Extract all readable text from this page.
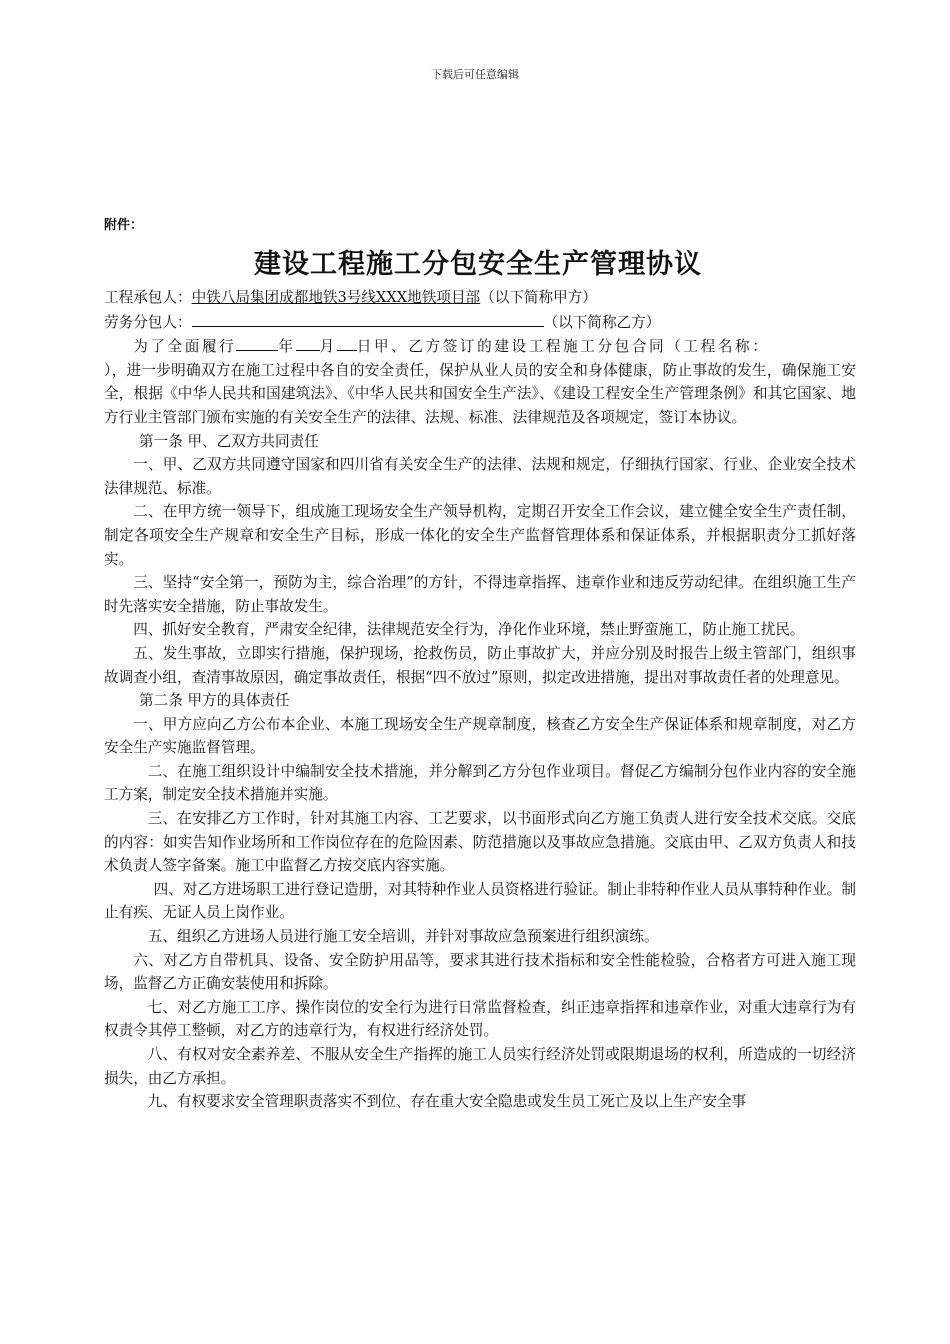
下载后可任意编辑
附件：
建设工程施工分包安全生产管理协议
工程承包人：中铁八局集团成都地铁3号线XXX地铁项目部（以下简称甲方）
劳务分包人：	（以下简称乙方）

为了全面履行	年 月 日甲、乙方签订的建设工程施工分包合同（工程名称：

），进一步明确双方在施工过程中各自的安全责任，保护从业人员的安全和身体健康，防止事故的发生，确保施工安全，根据《中华人民共和国建筑法》、《中华人民共和国安全生产法》、《建设工程安全生产管理条例》和其它国家、地方行业主管部门颁布实施的有关安全生产的法律、法规、标准、法律规范及各项规定，签订本协议。

第一条 甲、乙双方共同责任

一、甲、乙双方共同遵守国家和四川省有关安全生产的法律、法规和规定，仔细执行国家、行业、企业安全技术法律规范、标准。

二、在甲方统一领导下，组成施工现场安全生产领导机构，定期召开安全工作会议，建立健全安全生产责任制，制定各项安全生产规章和安全生产目标，形成一体化的安全生产监督管理体系和保证体系，并根据职责分工抓好落实。

三、坚持“安全第一，预防为主，综合治理”的方针，不得违章指挥、违章作业和违反劳动纪律。在组织施工生产时先落实安全措施，防止事故发生。

四、抓好安全教育，严肃安全纪律，法律规范安全行为，净化作业环境，禁止野蛮施工，防止施工扰民。

五、发生事故，立即实行措施，保护现场，抢救伤员，防止事故扩大，并应分别及时报告上级主管部门，组织事故调查小组，查清事故原因，确定事故责任，根据“四不放过”原则，拟定改进措施，提出对事故责任者的处理意见。

第二条 甲方的具体责任

一、甲方应向乙方公布本企业、本施工现场安全生产规章制度，核查乙方安全生产保证体系和规章制度，对乙方安全生产实施监督管理。

二、在施工组织设计中编制安全技术措施，并分解到乙方分包作业项目。督促乙方编制分包作业内容的安全施工方案，制定安全技术措施并实施。

三、在安排乙方工作时，针对其施工内容、工艺要求，以书面形式向乙方施工负责人进行安全技术交底。交底的内容：如实告知作业场所和工作岗位存在的危险因素、防范措施以及事故应急措施。交底由甲、乙双方负责人和技术负责人签字备案。施工中监督乙方按交底内容实施。

四、对乙方进场职工进行登记造册，对其特种作业人员资格进行验证。制止非特种作业人员从事特种作业。制止有疾、无证人员上岗作业。

五、组织乙方进场人员进行施工安全培训，并针对事故应急预案进行组织演练。

六、对乙方自带机具、设备、安全防护用品等，要求其进行技术指标和安全性能检验，合格者方可进入施工现场，监督乙方正确安装使用和拆除。

七、对乙方施工工序、操作岗位的安全行为进行日常监督检查，纠正违章指挥和违章作业，对重大违章行为有权责令其停工整顿，对乙方的违章行为，有权进行经济处罚。

八、有权对安全素养差、不服从安全生产指挥的施工人员实行经济处罚或限期退场的权利，所造成的一切经济损失，由乙方承担。

九、有权要求安全管理职责落实不到位、存在重大安全隐患或发生员工死亡及以上生产安全事
